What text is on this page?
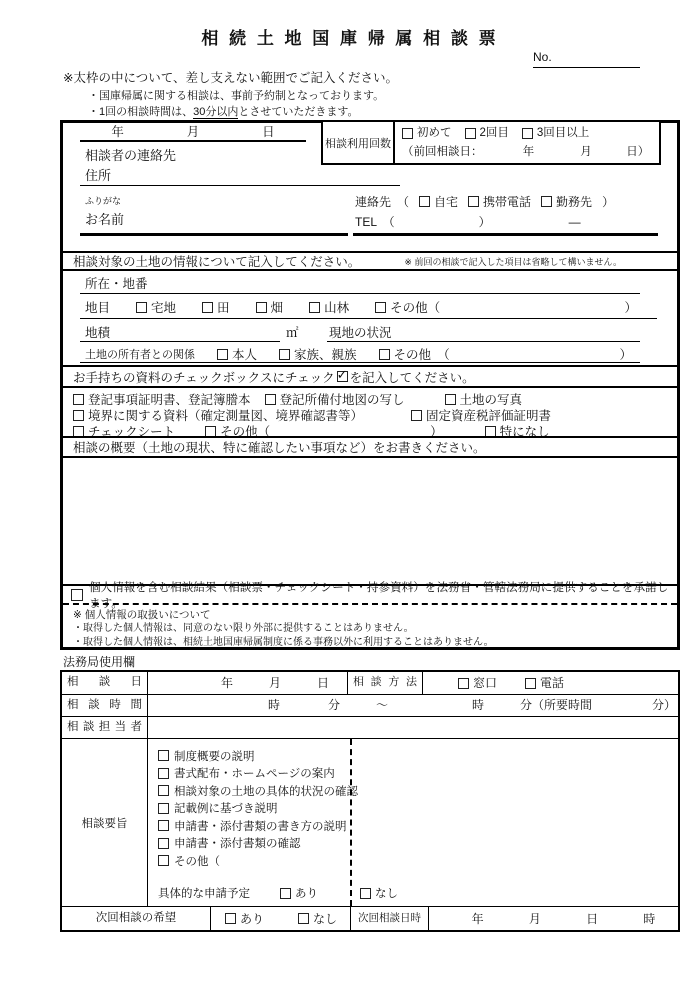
相 続 土 地 国 庫 帰 属 相 談 票
No.
※太枠の中について、差し支えない範囲でご記入ください。
・国庫帰属に関する相談は、事前予約制となっております。
・1回の相談時間は、30分以内とさせていただきます。
年	月	日
相談者の連絡先
住所
相談利用回数
初めて 2回目 3回目以上
（前回相談日：　　　　年　　　　月　　　日）
ふりがな
お名前
連絡先　（ 自宅 携帯電話 勤務先 ）
TEL　（　　　　　　　）　　　　　　　―
相談対象の土地の情報について記入してください。	※ 前回の相談で記入した項目は省略して構いません。
所在・地番
地目	宅地	田	畑	山林	その他（	）
地積	㎡ 現地の状況
土地の所有者との関係	本人	家族、親族	その他　（	）
お手持ちの資料のチェックボックスにチェック ✓ を記入してください。
登記事項証明書、登記簿謄本 登記所備付地図の写し	土地の写真
境界に関する資料（確定測量図、境界確認書等）	固定資産税評価証明書
チェックシート	その他（	）	特になし
相談の概要（土地の現状、特に確認したい事項など）をお書きください。
個人情報を含む相談結果（相談票・チェックシート・持参資料）を法務省・管轄法務局に提供することを承諾します。
※ 個人情報の取扱いについて
・取得した個人情報は、同意のない限り外部に提供することはありません。
・取得した個人情報は、相続土地国庫帰属制度に係る事務以外に利用することはありません。
法務局使用欄
相 談 日	年	月	日	相 談 方 法	窓口	電話
相 談 時 間	時　　　　分　　　～　　　　　　　時　　　分（所要時間　　　　　分）
相 談 担 当 者
相談要旨
制度概要の説明
書式配布・ホームページの案内
相談対象の土地の具体的状況の確認
記載例に基づき説明
申請書・添付書類の書き方の説明
申請書・添付書類の確認
その他（
具体的な申請予定	あり	なし
次回相談の希望	あり	なし	次回相談日時	年	月	日	時
